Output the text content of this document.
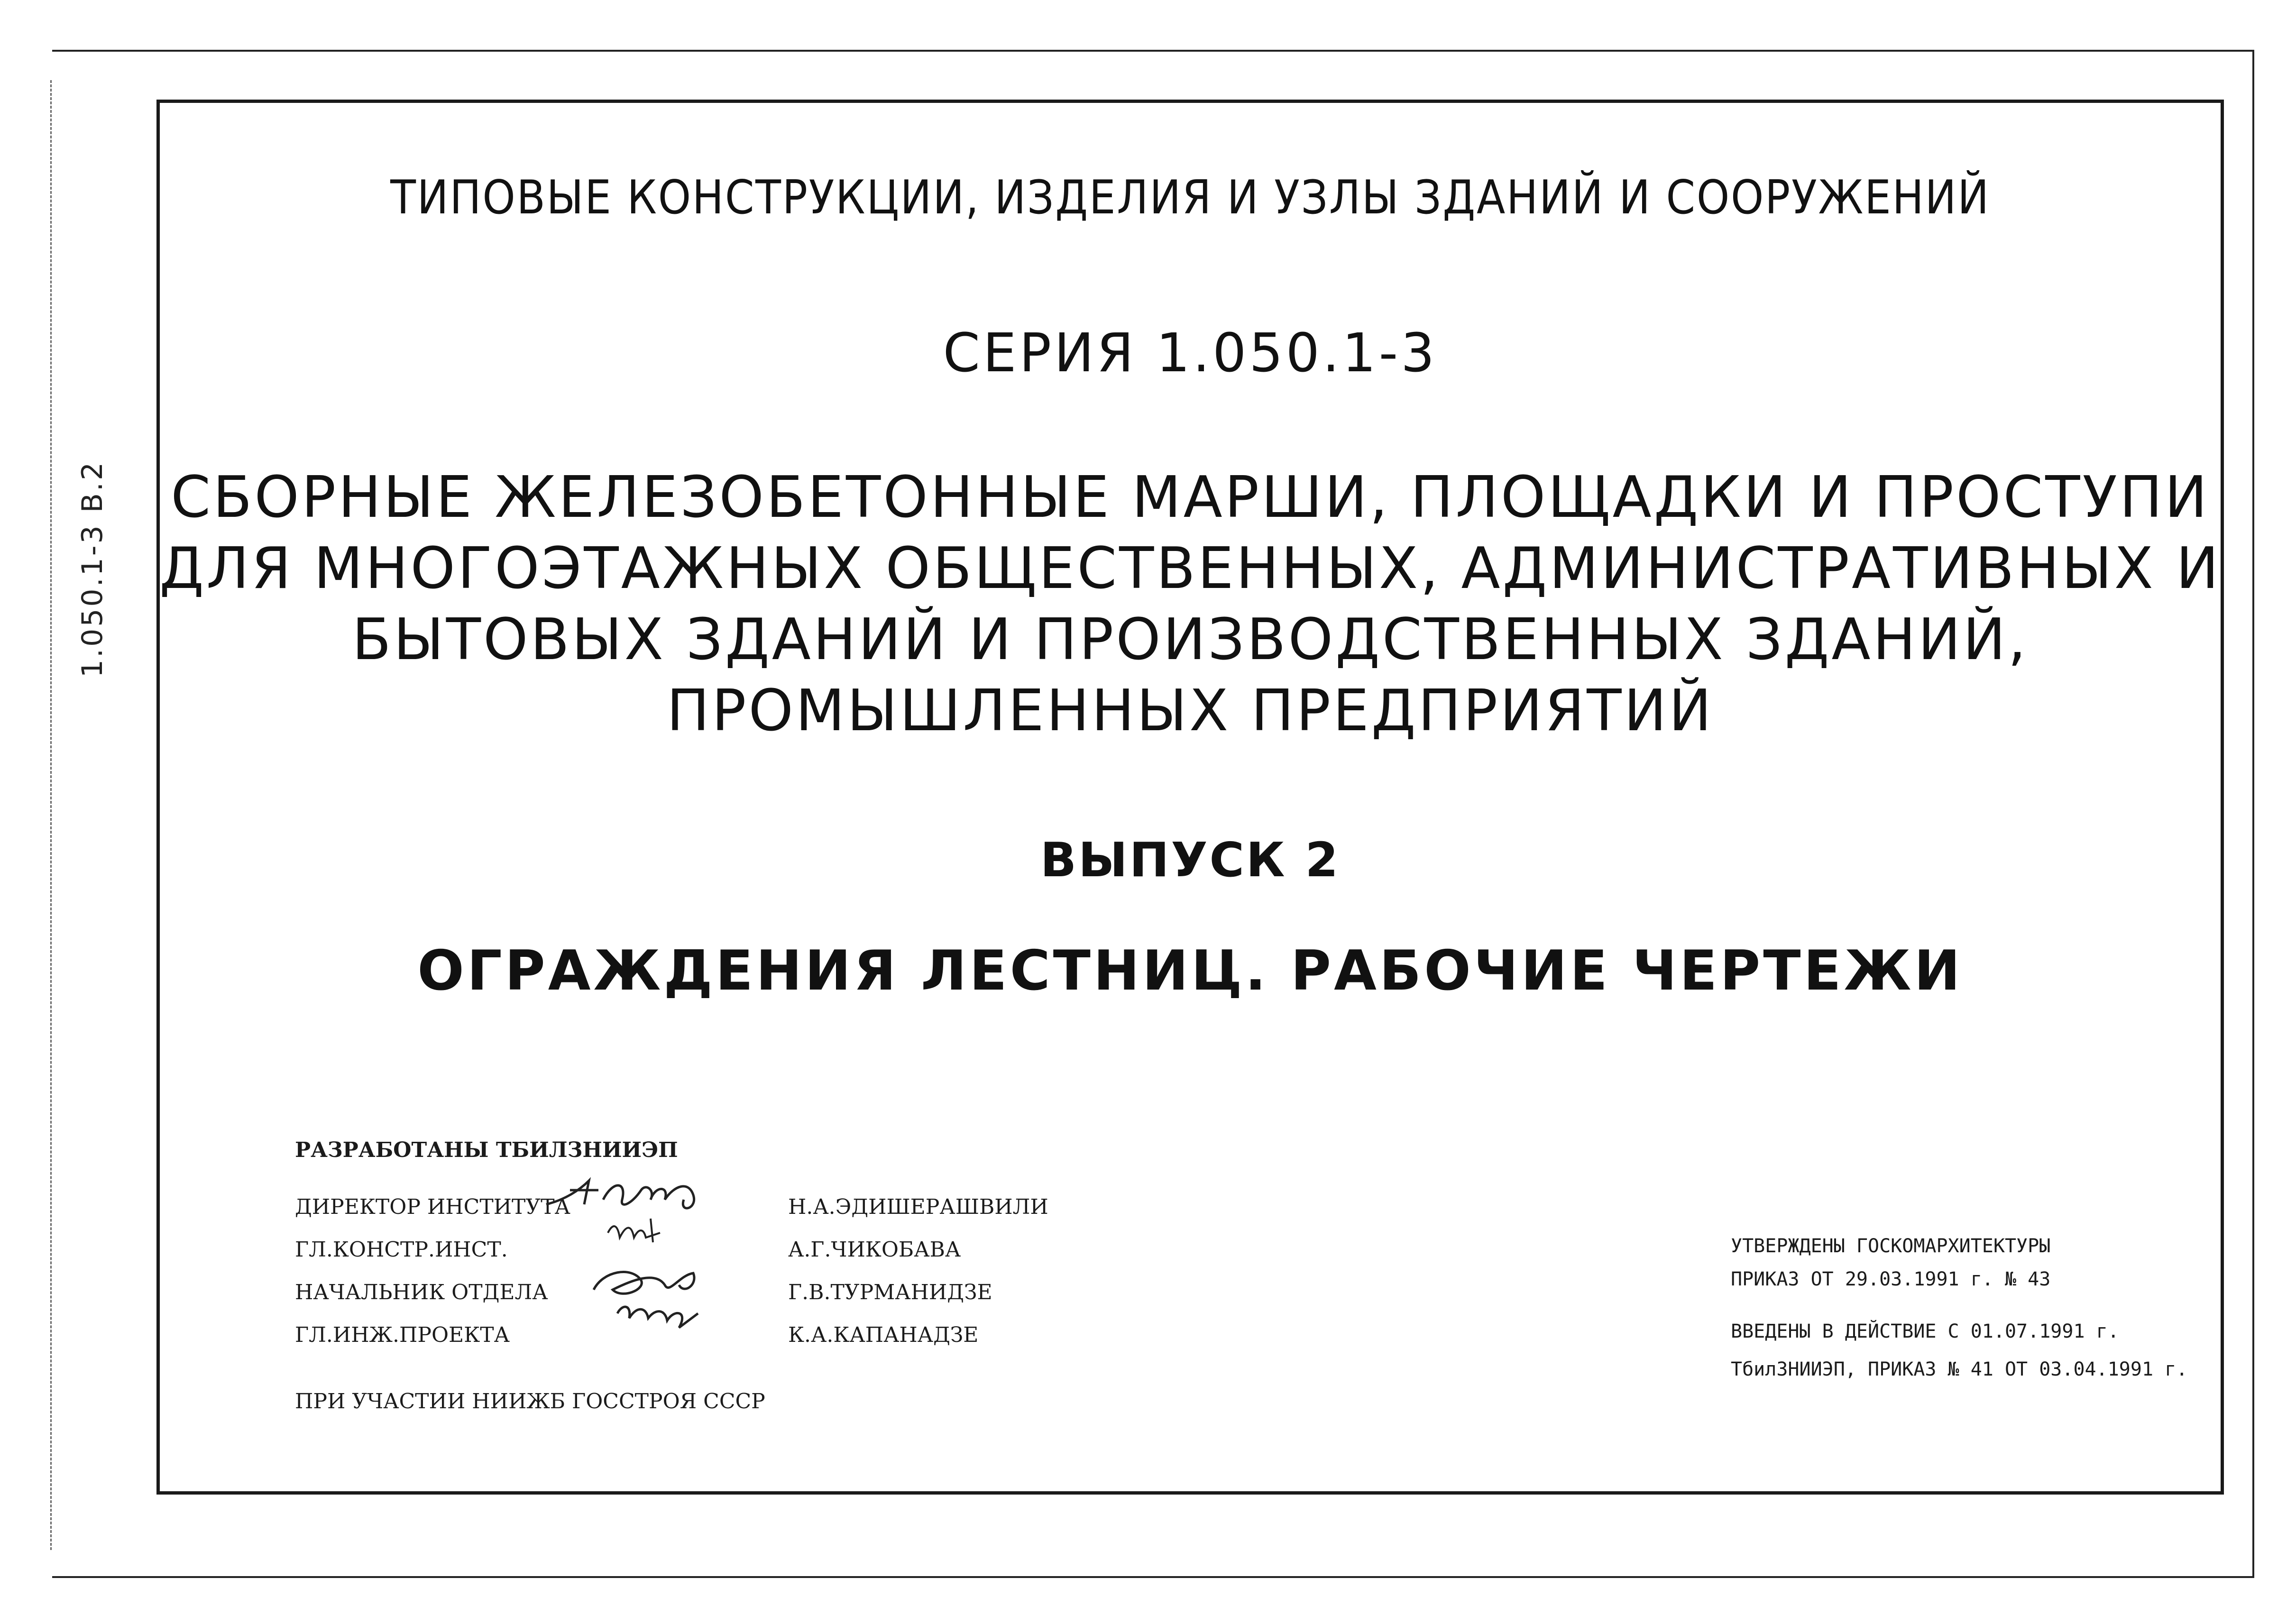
1.050.1-3 В.2
ТИПОВЫЕ КОНСТРУКЦИИ, ИЗДЕЛИЯ И УЗЛЫ ЗДАНИЙ И СООРУЖЕНИЙ
СЕРИЯ 1.050.1-3
СБОРНЫЕ ЖЕЛЕЗОБЕТОННЫЕ МАРШИ, ПЛОЩАДКИ И ПРОСТУПИ
ДЛЯ МНОГОЭТАЖНЫХ ОБЩЕСТВЕННЫХ, АДМИНИСТРАТИВНЫХ И
БЫТОВЫХ ЗДАНИЙ И ПРОИЗВОДСТВЕННЫХ ЗДАНИЙ,
ПРОМЫШЛЕННЫХ ПРЕДПРИЯТИЙ
ВЫПУСК 2
ОГРАЖДЕНИЯ ЛЕСТНИЦ. РАБОЧИЕ ЧЕРТЕЖИ
РАЗРАБОТАНЫ ТБИЛЗНИИЭП
ДИРЕКТОР ИНСТИТУТА	Н.А.ЭДИШЕРАШВИЛИ
ГЛ.КОНСТР.ИНСТ.	А.Г.ЧИКОБАВА
НАЧАЛЬНИК ОТДЕЛА	Г.В.ТУРМАНИДЗЕ
ГЛ.ИНЖ.ПРОЕКТА	К.А.КАПАНАДЗЕ
ПРИ УЧАСТИИ НИИЖБ ГОССТРОЯ СССР
УТВЕРЖДЕНЫ ГОСКОМАРХИТЕКТУРЫ
ПРИКАЗ ОТ 29.03.1991 г. № 43
ВВЕДЕНЫ В ДЕЙСТВИЕ С 01.07.1991 г.
ТбилЗНИИЭП, ПРИКАЗ № 41 ОТ 03.04.1991 г.
